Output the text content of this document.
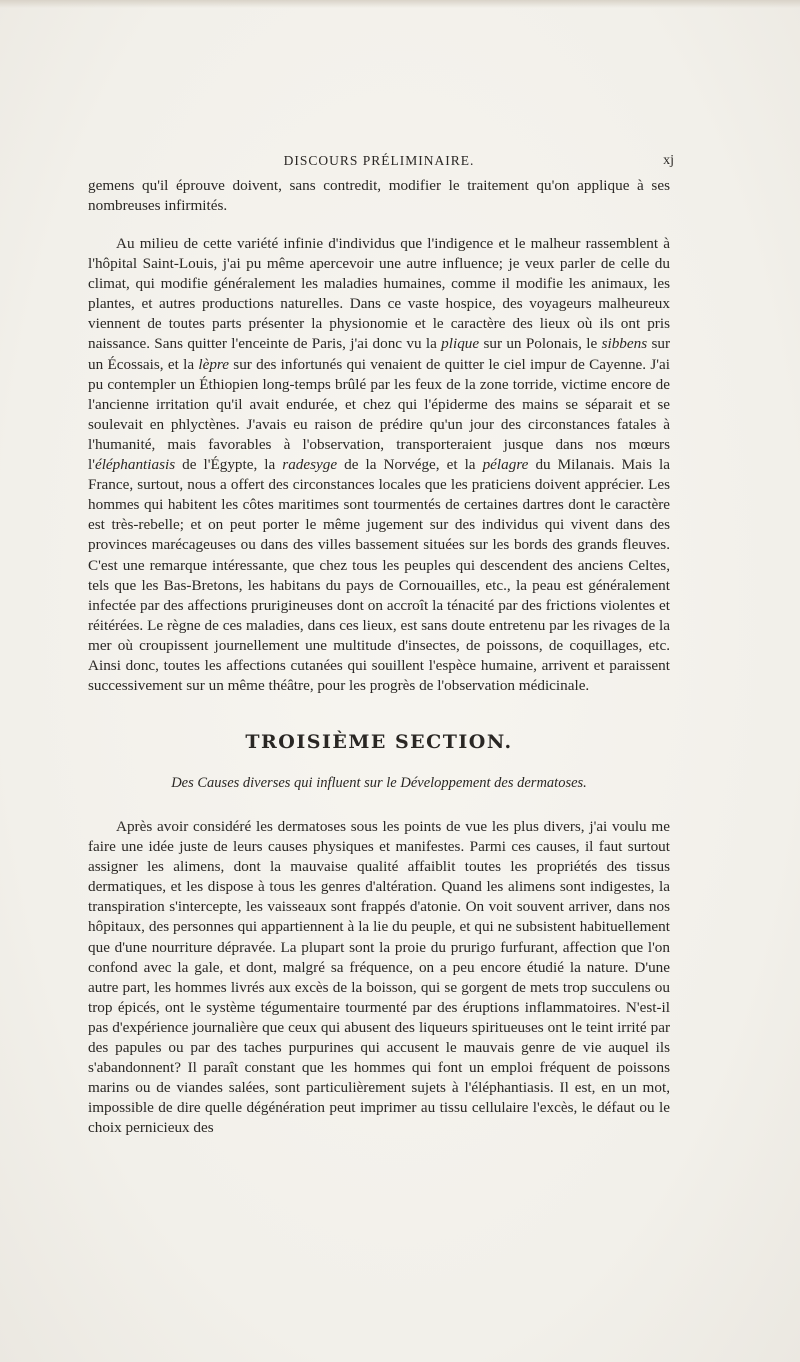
DISCOURS PRÉLIMINAIRE.	xj

gemens qu'il éprouve doivent, sans contredit, modifier le traitement qu'on applique à ses nombreuses infirmités.

Au milieu de cette variété infinie d'individus que l'indigence et le malheur rassemblent à l'hôpital Saint-Louis, j'ai pu même apercevoir une autre influence; je veux parler de celle du climat, qui modifie généralement les maladies humaines, comme il modifie les animaux, les plantes, et autres productions naturelles. Dans ce vaste hospice, des voyageurs malheureux viennent de toutes parts présenter la physionomie et le caractère des lieux où ils ont pris naissance. Sans quitter l'enceinte de Paris, j'ai donc vu la plique sur un Polonais, le sibbens sur un Écossais, et la lèpre sur des infortunés qui venaient de quitter le ciel impur de Cayenne. J'ai pu contempler un Éthiopien long-temps brûlé par les feux de la zone torride, victime encore de l'ancienne irritation qu'il avait endurée, et chez qui l'épiderme des mains se séparait et se soulevait en phlyctènes. J'avais eu raison de prédire qu'un jour des circonstances fatales à l'humanité, mais favorables à l'observation, transporteraient jusque dans nos mœurs l'éléphantiasis de l'Égypte, la radesyge de la Norvége, et la pélagre du Milanais. Mais la France, surtout, nous a offert des circonstances locales que les praticiens doivent apprécier. Les hommes qui habitent les côtes maritimes sont tourmentés de certaines dartres dont le caractère est très-rebelle; et on peut porter le même jugement sur des individus qui vivent dans des provinces marécageuses ou dans des villes bassement situées sur les bords des grands fleuves. C'est une remarque intéressante, que chez tous les peuples qui descendent des anciens Celtes, tels que les Bas-Bretons, les habitans du pays de Cornouailles, etc., la peau est généralement infectée par des affections prurigineuses dont on accroît la ténacité par des frictions violentes et réitérées. Le règne de ces maladies, dans ces lieux, est sans doute entretenu par les rivages de la mer où croupissent journellement une multitude d'insectes, de poissons, de coquillages, etc. Ainsi donc, toutes les affections cutanées qui souillent l'espèce humaine, arrivent et paraissent successivement sur un même théâtre, pour les progrès de l'observation médicinale.

TROISIÈME SECTION.
Des Causes diverses qui influent sur le Développement des dermatoses.

Après avoir considéré les dermatoses sous les points de vue les plus divers, j'ai voulu me faire une idée juste de leurs causes physiques et manifestes. Parmi ces causes, il faut surtout assigner les alimens, dont la mauvaise qualité affaiblit toutes les propriétés des tissus dermatiques, et les dispose à tous les genres d'altération. Quand les alimens sont indigestes, la transpiration s'intercepte, les vaisseaux sont frappés d'atonie. On voit souvent arriver, dans nos hôpitaux, des personnes qui appartiennent à la lie du peuple, et qui ne subsistent habituellement que d'une nourriture dépravée. La plupart sont la proie du prurigo furfurant, affection que l'on confond avec la gale, et dont, malgré sa fréquence, on a peu encore étudié la nature. D'une autre part, les hommes livrés aux excès de la boisson, qui se gorgent de mets trop succulens ou trop épicés, ont le système tégumentaire tourmenté par des éruptions inflammatoires. N'est-il pas d'expérience journalière que ceux qui abusent des liqueurs spiritueuses ont le teint irrité par des papules ou par des taches purpurines qui accusent le mauvais genre de vie auquel ils s'abandonnent? Il paraît constant que les hommes qui font un emploi fréquent de poissons marins ou de viandes salées, sont particulièrement sujets à l'éléphantiasis. Il est, en un mot, impossible de dire quelle dégénération peut imprimer au tissu cellulaire l'excès, le défaut ou le choix pernicieux des
